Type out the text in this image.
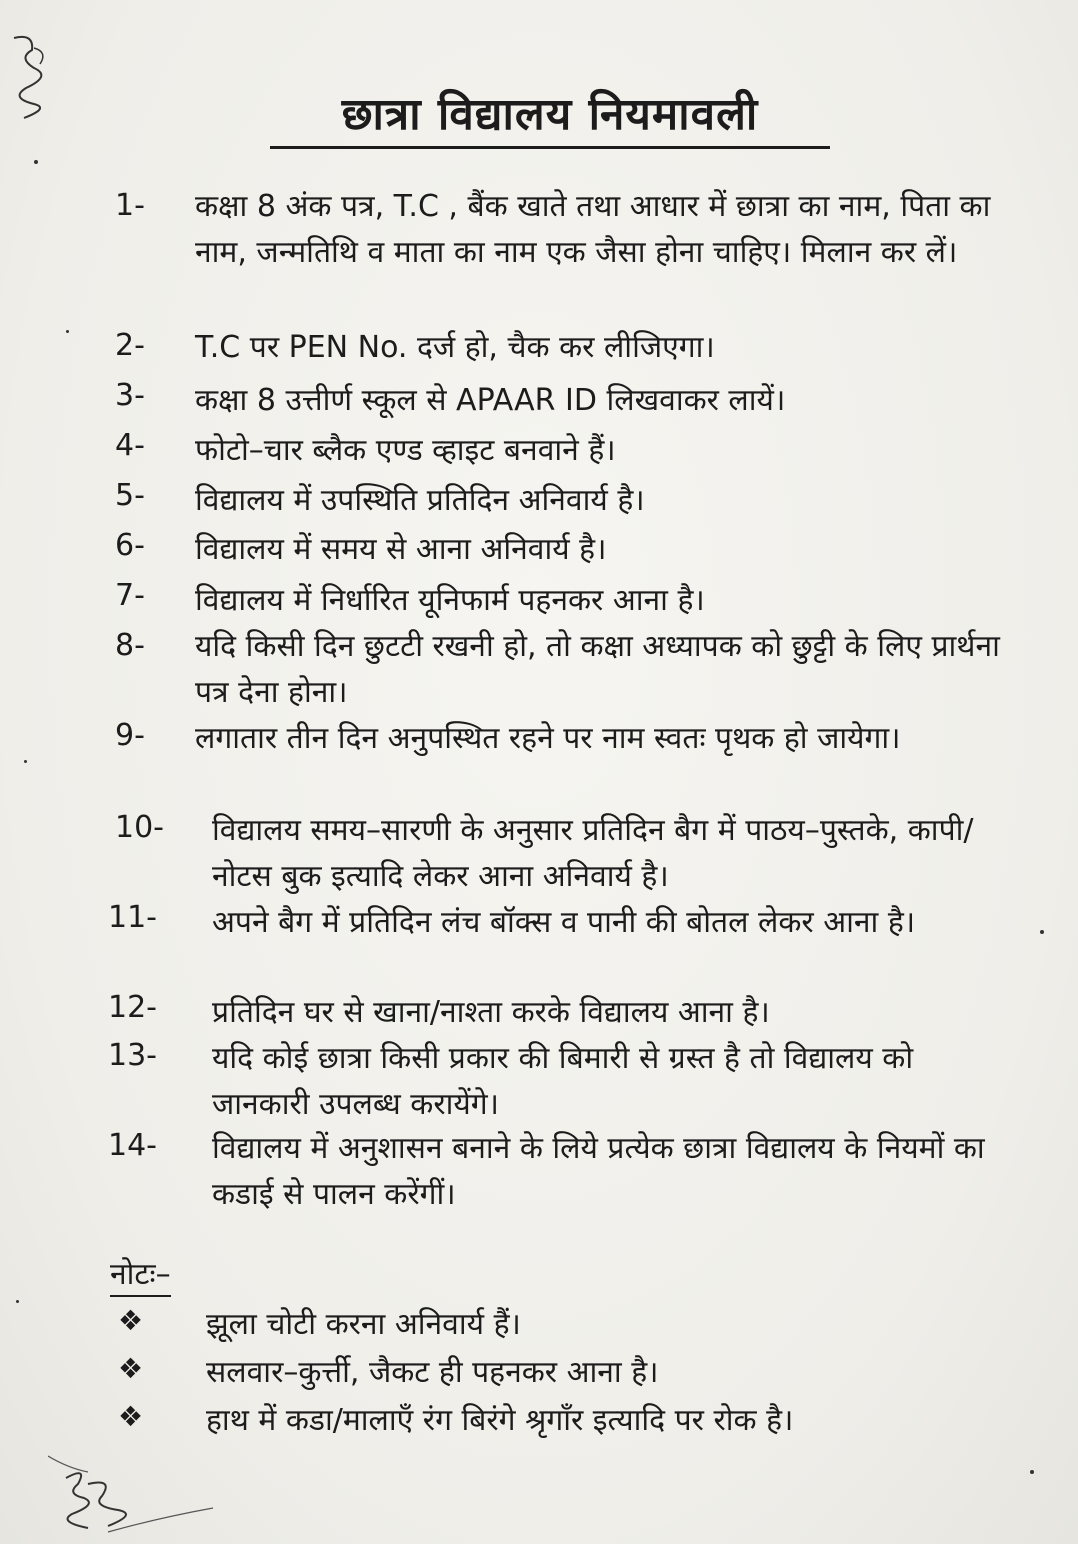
छात्रा विद्यालय नियमावली
1- कक्षा 8 अंक पत्र, T.C , बैंक खाते तथा आधार में छात्रा का नाम, पिता का नाम, जन्मतिथि व माता का नाम एक जैसा होना चाहिए। मिलान कर लें।
2- T.C पर PEN No. दर्ज हो, चैक कर लीजिएगा।
3- कक्षा 8 उत्तीर्ण स्कूल से APAAR ID लिखवाकर लायें।
4- फोटो–चार ब्लैक एण्ड व्हाइट बनवाने हैं।
5- विद्यालय में उपस्थिति प्रतिदिन अनिवार्य है।
6- विद्यालय में समय से आना अनिवार्य है।
7- विद्यालय में निर्धारित यूनिफार्म पहनकर आना है।
8- यदि किसी दिन छुटटी रखनी हो, तो कक्षा अध्यापक को छुट्टी के लिए प्रार्थना पत्र देना होना।
9- लगातार तीन दिन अनुपस्थित रहने पर नाम स्वतः पृथक हो जायेगा।
10- विद्यालय समय–सारणी के अनुसार प्रतिदिन बैग में पाठय–पुस्तके, कापी/ नोटस बुक इत्यादि लेकर आना अनिवार्य है।
11- अपने बैग में प्रतिदिन लंच बॉक्स व पानी की बोतल लेकर आना है।
12- प्रतिदिन घर से खाना/नाश्ता करके विद्यालय आना है।
13- यदि कोई छात्रा किसी प्रकार की बिमारी से ग्रस्त है तो विद्यालय को जानकारी उपलब्ध करायेंगे।
14- विद्यालय में अनुशासन बनाने के लिये प्रत्येक छात्रा विद्यालय के नियमों का कडाई से पालन करेंगीं।
नोटः–
❖ झूला चोटी करना अनिवार्य हैं।
❖ सलवार–कुर्त्ती, जैकट ही पहनकर आना है।
❖ हाथ में कडा/मालाएँ रंग बिरंगे श्रृगाँर इत्यादि पर रोक है।
